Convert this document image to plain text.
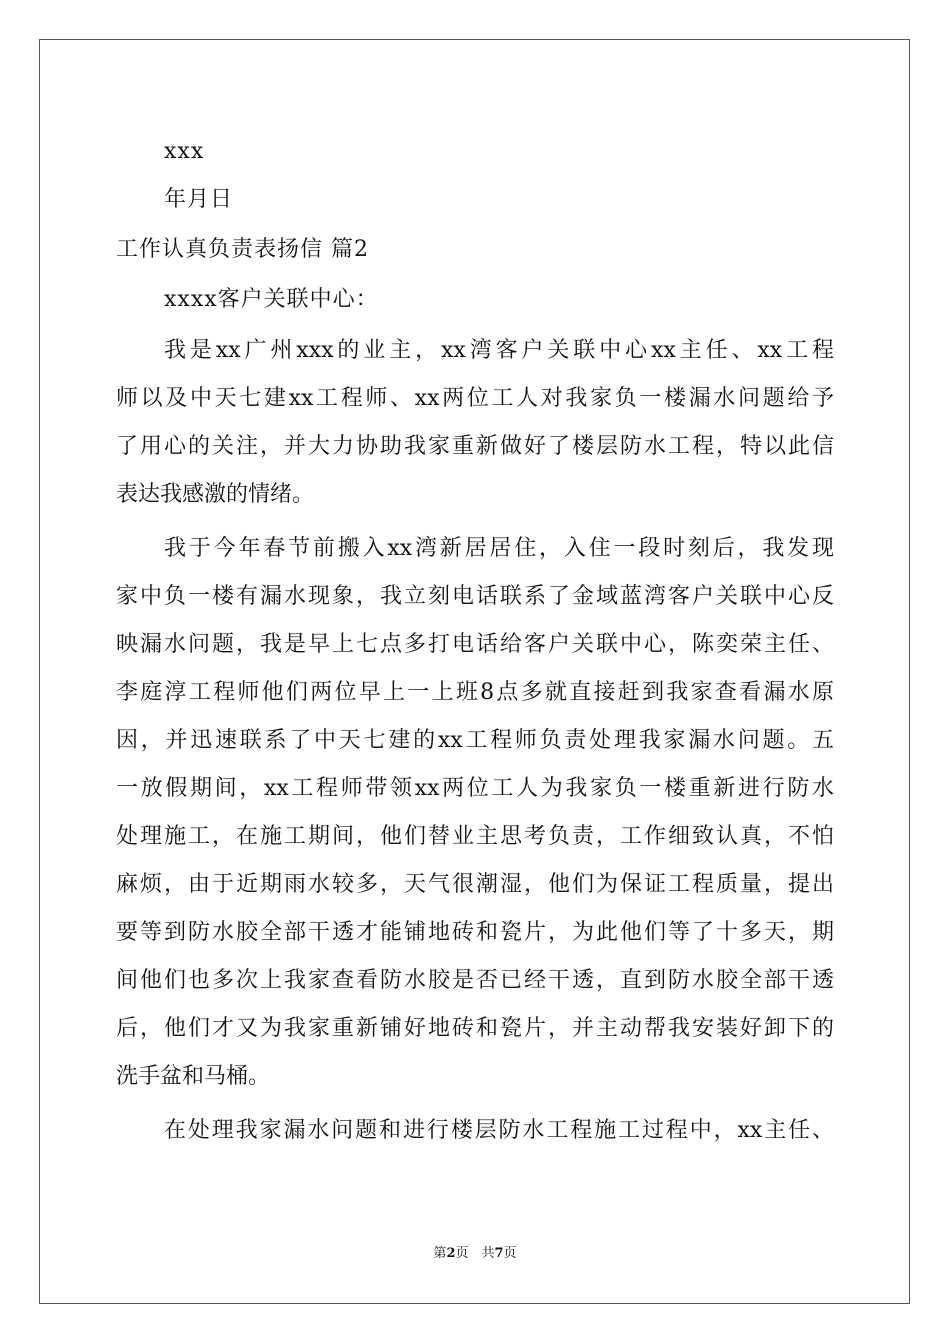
xxx
年月日
工作认真负责表扬信 篇2
xxxx客户关联中心：
我是xx广州xxx的业主，xx湾客户关联中心xx主任、xx工程
师以及中天七建xx工程师、xx两位工人对我家负一楼漏水问题给予
了用心的关注，并大力协助我家重新做好了楼层防水工程，特以此信
表达我感激的情绪。
我于今年春节前搬入xx湾新居居住，入住一段时刻后，我发现
家中负一楼有漏水现象，我立刻电话联系了金域蓝湾客户关联中心反
映漏水问题，我是早上七点多打电话给客户关联中心，陈奕荣主任、
李庭淳工程师他们两位早上一上班8点多就直接赶到我家查看漏水原
因，并迅速联系了中天七建的xx工程师负责处理我家漏水问题。五
一放假期间，xx工程师带领xx两位工人为我家负一楼重新进行防水
处理施工，在施工期间，他们替业主思考负责，工作细致认真，不怕
麻烦，由于近期雨水较多，天气很潮湿，他们为保证工程质量，提出
要等到防水胶全部干透才能铺地砖和瓷片，为此他们等了十多天，期
间他们也多次上我家查看防水胶是否已经干透，直到防水胶全部干透
后，他们才又为我家重新铺好地砖和瓷片，并主动帮我安装好卸下的
洗手盆和马桶。
在处理我家漏水问题和进行楼层防水工程施工过程中，xx主任、
第2页　共7页
